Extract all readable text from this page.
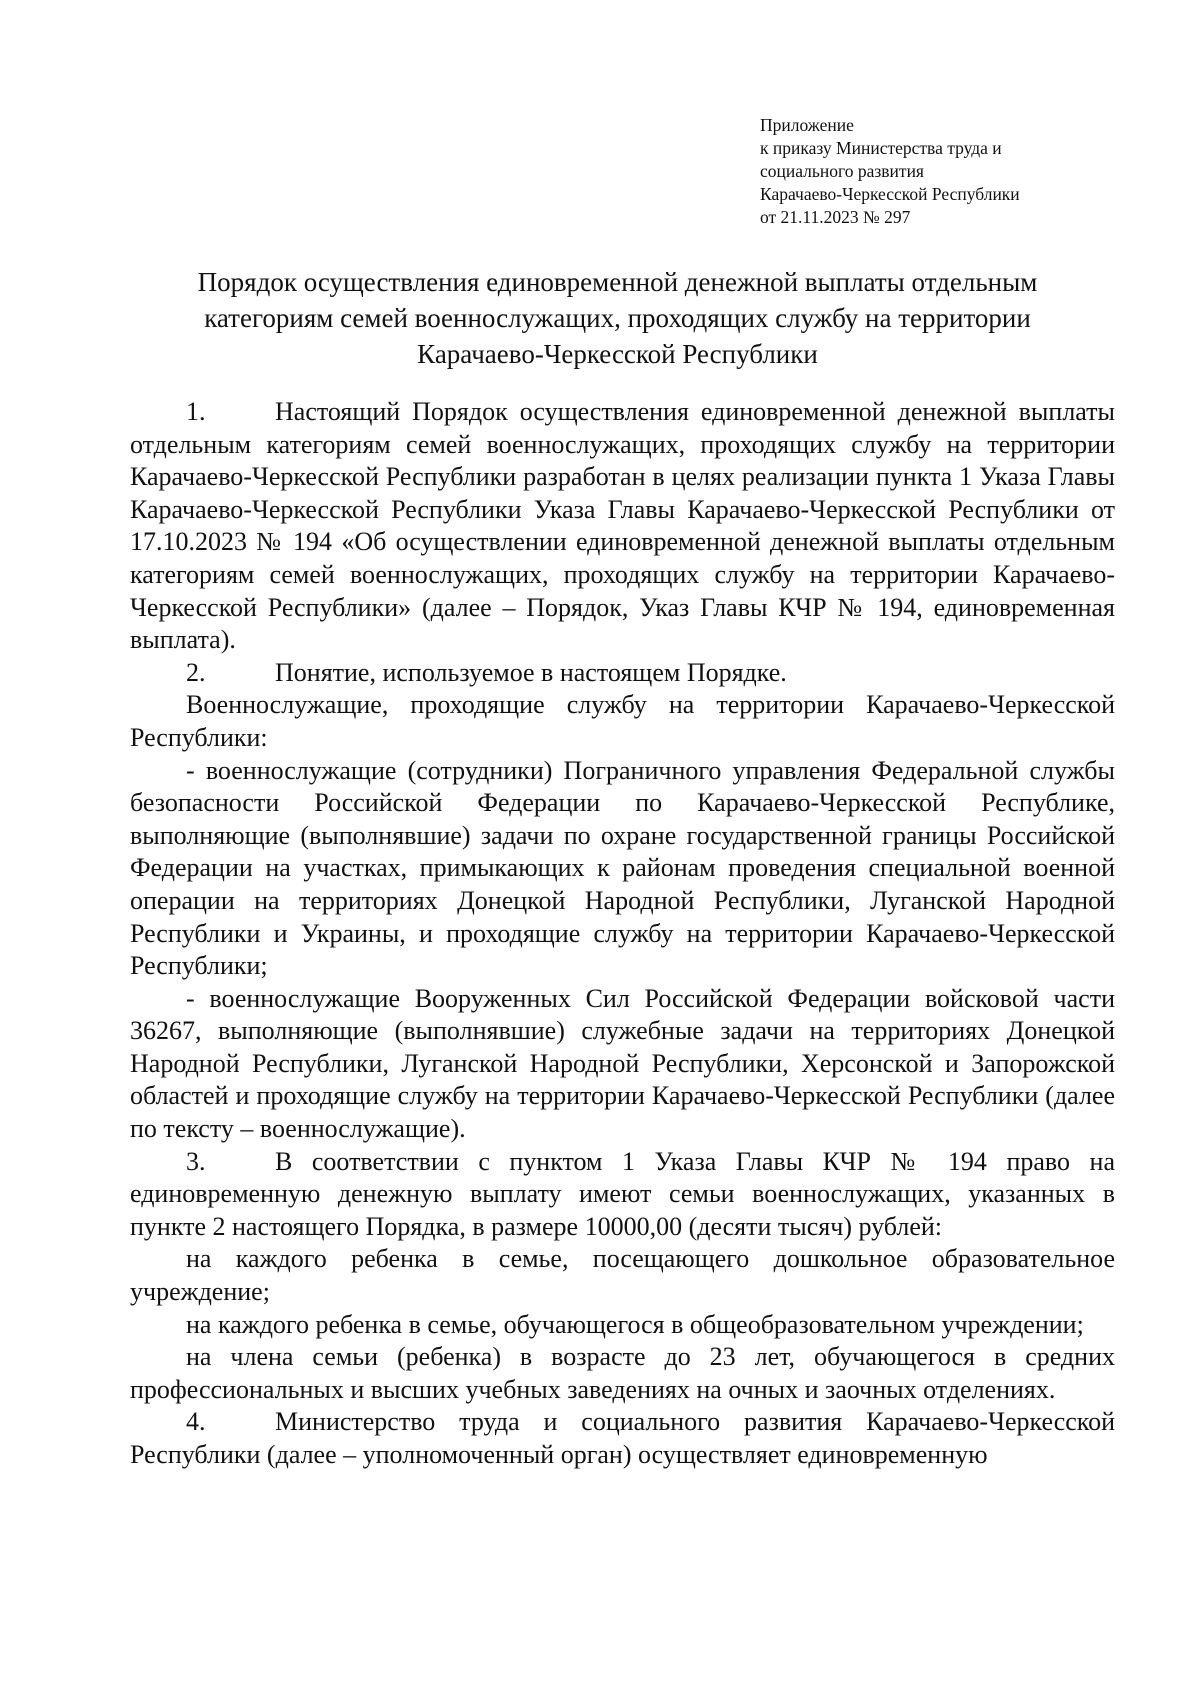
Приложение
к приказу Министерства труда и
социального развития
Карачаево-Черкесской Республики
от 21.11.2023 № 297
Порядок осуществления единовременной денежной выплаты отдельным
категориям семей военнослужащих, проходящих службу на территории
Карачаево-Черкесской Республики

1.	Настоящий Порядок осуществления единовременной денежной выплаты отдельным категориям семей военнослужащих, проходящих службу на территории Карачаево-Черкесской Республики разработан в целях реализации пункта 1 Указа Главы Карачаево-Черкесской Республики Указа Главы Карачаево-Черкесской Республики от 17.10.2023 № 194 «Об осуществлении единовременной денежной выплаты отдельным категориям семей военнослужащих, проходящих службу на территории Карачаево-Черкесской Республики» (далее – Порядок, Указ Главы КЧР № 194, единовременная выплата).

2.	Понятие, используемое в настоящем Порядке.

Военнослужащие, проходящие службу на территории Карачаево-Черкесской Республики:

- военнослужащие (сотрудники) Пограничного управления Федеральной службы безопасности Российской Федерации по Карачаево-Черкесской Республике, выполняющие (выполнявшие) задачи по охране государственной границы Российской Федерации на участках, примыкающих к районам проведения специальной военной операции на территориях Донецкой Народной Республики, Луганской Народной Республики и Украины, и проходящие службу на территории Карачаево-Черкесской Республики;

- военнослужащие Вооруженных Сил Российской Федерации войсковой части 36267, выполняющие (выполнявшие) служебные задачи на территориях Донецкой Народной Республики, Луганской Народной Республики, Херсонской и Запорожской областей и проходящие службу на территории Карачаево-Черкесской Республики (далее по тексту – военнослужащие).

3.	В соответствии с пунктом 1 Указа Главы КЧР № 194 право на единовременную денежную выплату имеют семьи военнослужащих, указанных в пункте 2 настоящего Порядка, в размере 10000,00 (десяти тысяч) рублей:

на каждого ребенка в семье, посещающего дошкольное образовательное учреждение;

на каждого ребенка в семье, обучающегося в общеобразовательном учреждении;

на члена семьи (ребенка) в возрасте до 23 лет, обучающегося в средних профессиональных и высших учебных заведениях на очных и заочных отделениях.

4.	Министерство труда и социального развития Карачаево-Черкесской Республики (далее – уполномоченный орган) осуществляет единовременную
